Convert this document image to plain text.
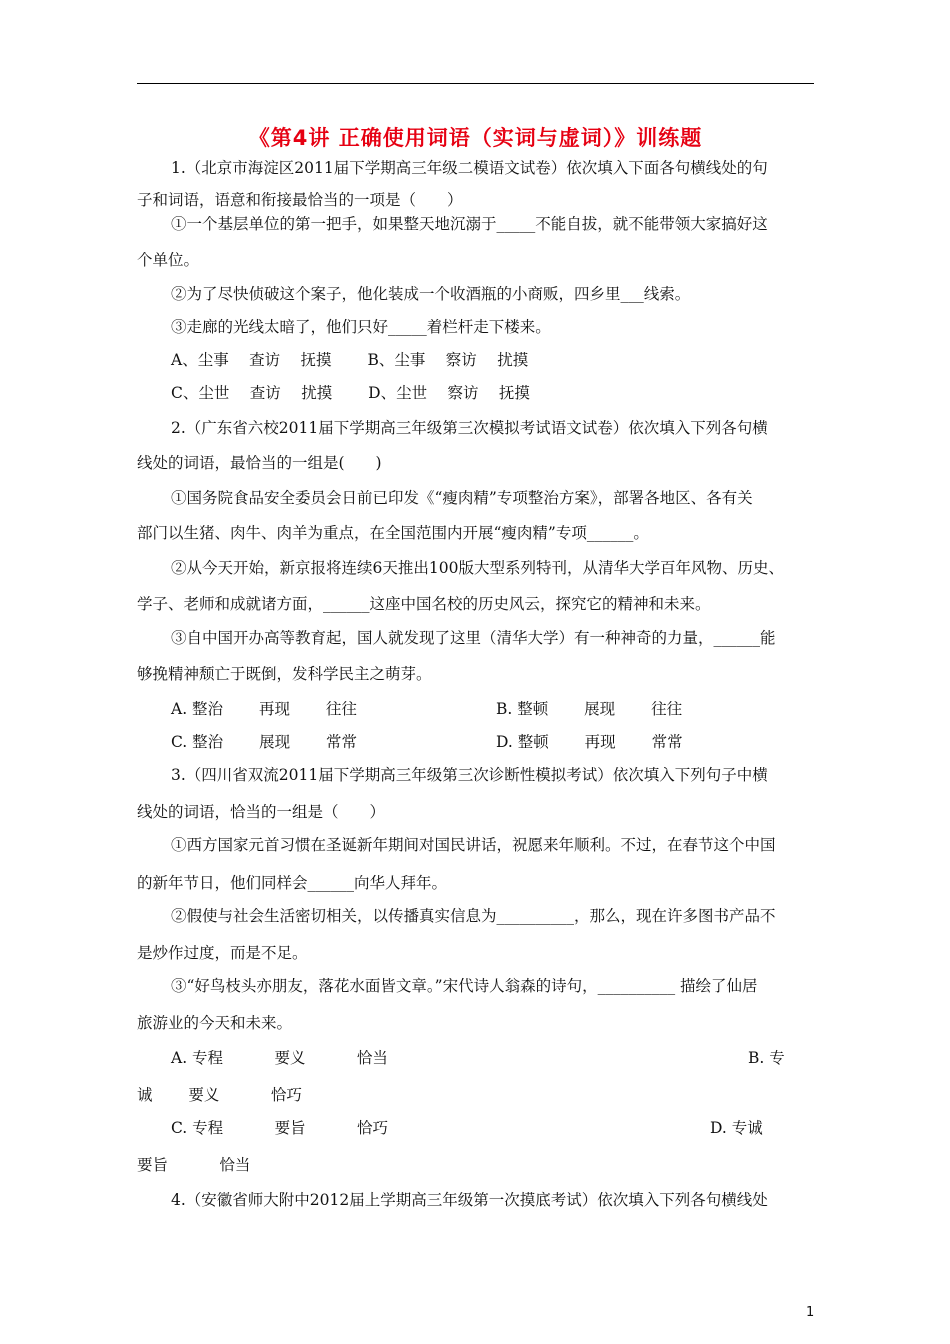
《第4讲 正确使用词语（实词与虚词）》训练题
1.（北京市海淀区2011届下学期高三年级二模语文试卷）依次填入下面各句横线处的句
子和词语，语意和衔接最恰当的一项是（　　）
①一个基层单位的第一把手，如果整天地沉溺于_____不能自拔，就不能带领大家搞好这
个单位。
②为了尽快侦破这个案子，他化装成一个收酒瓶的小商贩，四乡里___线索。
③走廊的光线太暗了，他们只好_____着栏杆走下楼来。
A、尘事　 查访　 抚摸　　 B、尘事　 察访　 扰摸
C、尘世　 查访　 扰摸　　 D、尘世　 察访　 抚摸
2.（广东省六校2011届下学期高三年级第三次模拟考试语文试卷）依次填入下列各句横
线处的词语，最恰当的一组是(　　)
①国务院食品安全委员会日前已印发《“瘦肉精”专项整治方案》，部署各地区、各有关
部门以生猪、肉牛、肉羊为重点，在全国范围内开展“瘦肉精”专项______。
②从今天开始，新京报将连续6天推出100版大型系列特刊，从清华大学百年风物、历史、
学子、老师和成就诸方面，______这座中国名校的历史风云，探究它的精神和未来。
③自中国开办高等教育起，国人就发现了这里（清华大学）有一种神奇的力量，______能
够挽精神颓亡于既倒，发科学民主之萌芽。
A. 整治　　 再现　　 往往	B. 整顿　　 展现　　 往往
C. 整治　　 展现　　 常常	D. 整顿　　 再现　　 常常
3.（四川省双流2011届下学期高三年级第三次诊断性模拟考试）依次填入下列句子中横
线处的词语，恰当的一组是（　　）
①西方国家元首习惯在圣诞新年期间对国民讲话，祝愿来年顺利。不过，在春节这个中国
的新年节日，他们同样会______向华人拜年。
②假使与社会生活密切相关，以传播真实信息为__________，那么，现在许多图书产品不
是炒作过度，而是不足。
③“好鸟枝头亦朋友，落花水面皆文章。”宋代诗人翁森的诗句，__________ 描绘了仙居
旅游业的今天和未来。
A. 专程　　　 要义　　　 恰当	B. 专
诚　　 要义　　　 恰巧
C. 专程　　　 要旨　　　 恰巧	D. 专诚
要旨　　　 恰当
4.（安徽省师大附中2012届上学期高三年级第一次摸底考试）依次填入下列各句横线处
1
